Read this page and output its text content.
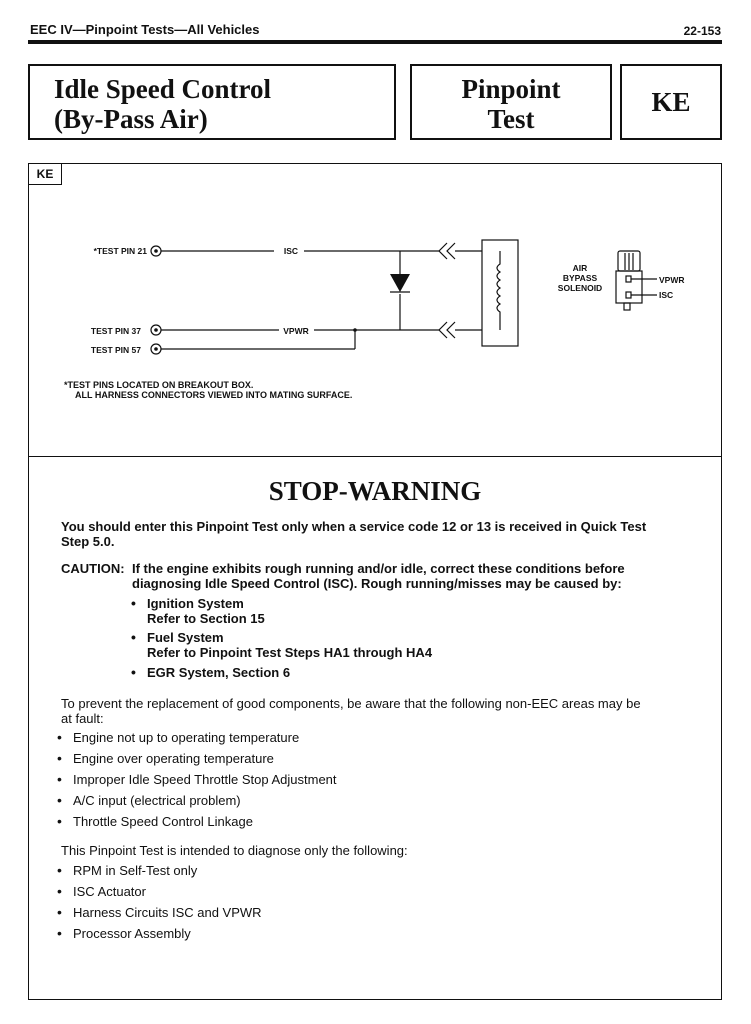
EEC IV—Pinpoint Tests—All Vehicles	22-153
Idle Speed Control
(By-Pass Air)
Pinpoint
Test
KE
KE
*TEST PIN 21
TEST PIN 37
TEST PIN 57
ISC
VPWR
AIR
BYPASS
SOLENOID
VPWR
ISC
*TEST PINS LOCATED ON BREAKOUT BOX.
ALL HARNESS CONNECTORS VIEWED INTO MATING SURFACE.
STOP-WARNING
You should enter this Pinpoint Test only when a service code 12 or 13 is received in Quick Test
Step 5.0.
CAUTION: If the engine exhibits rough running and/or idle, correct these conditions before
diagnosing Idle Speed Control (ISC). Rough running/misses may be caused by:
• Ignition System
Refer to Section 15
• Fuel System
Refer to Pinpoint Test Steps HA1 through HA4
• EGR System, Section 6
To prevent the replacement of good components, be aware that the following non-EEC areas may be
at fault:
• Engine not up to operating temperature
• Engine over operating temperature
• Improper Idle Speed Throttle Stop Adjustment
• A/C input (electrical problem)
• Throttle Speed Control Linkage
This Pinpoint Test is intended to diagnose only the following:
• RPM in Self-Test only
• ISC Actuator
• Harness Circuits ISC and VPWR
• Processor Assembly
